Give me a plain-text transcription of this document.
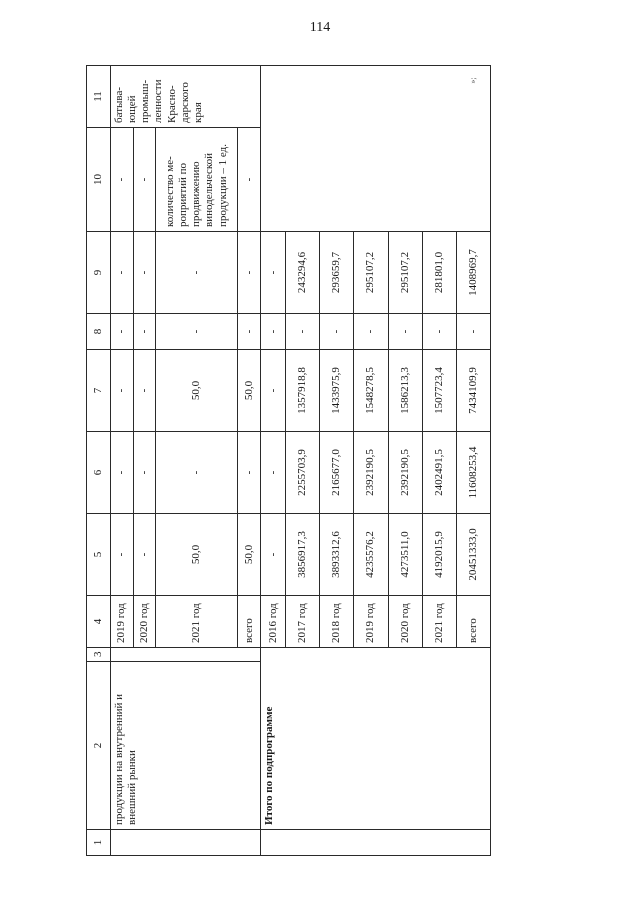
114
»;
1	2	3	4	5	6	7	8	9	10	11
	продукции на внутренний и внешний рынки		2019 год	-	-	-	-	-	-	батыва-ющей промыш-ленности Красно-дарского края
			2020 год	-	-	-	-	-	-	
			2021 год	50,0	-	50,0	-	-	количество ме-роприятий по продвижению винодельческой продукции – 1 ед.	
			всего	50,0	-	50,0	-	-	-	
	Итого по подпрограмме		2016 год	-	-	-	-	-		
			2017 год	3856917,3	2255703,9	1357918,8	-	243294,6		
			2018 год	3893312,6	2165677,0	1433975,9	-	293659,7		
			2019 год	4235576,2	2392190,5	1548278,5	-	295107,2		
			2020 год	4273511,0	2392190,5	1586213,3	-	295107,2		
			2021 год	4192015,9	2402491,5	1507723,4	-	281801,0		
			всего	20451333,0	11608253,4	7434109,9	-	1408969,7		
